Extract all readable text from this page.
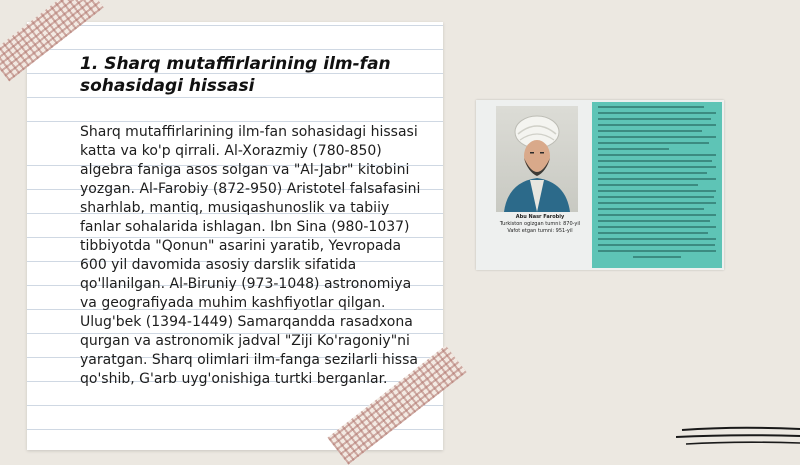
1. Sharq mutaffirlarining ilm-fan sohasidagi hissasi

Sharq mutaffirlarining ilm-fan sohasidagi hissasi katta va ko'p qirrali. Al-Xorazmiy (780-850) algebra faniga asos solgan va "Al-Jabr" kitobini yozgan. Al-Farobiy (872-950) Aristotel falsafasini sharhlab, mantiq, musiqashunoslik va tabiiy fanlar sohalarida ishlagan. Ibn Sina (980-1037) tibbiyotda "Qonun" asarini yaratib, Yevropada 600 yil davomida asosiy darslik sifatida qo'llanilgan. Al-Biruniy (973-1048) astronomiya va geografiyada muhim kashfiyotlar qilgan. Ulug'bek (1394-1449) Samarqandda rasadxona qurgan va astronomik jadval "Ziji Ko'ragoniy"ni yaratgan. Sharq olimlari ilm-fanga sezilarli hissa qo'shib, G'arb uyg'onishiga turtki berganlar.

Abu Nasr Farobiy
Turkiston ogizgan tumni: 870-yil
Vafot etgan tumni: 951-yil
